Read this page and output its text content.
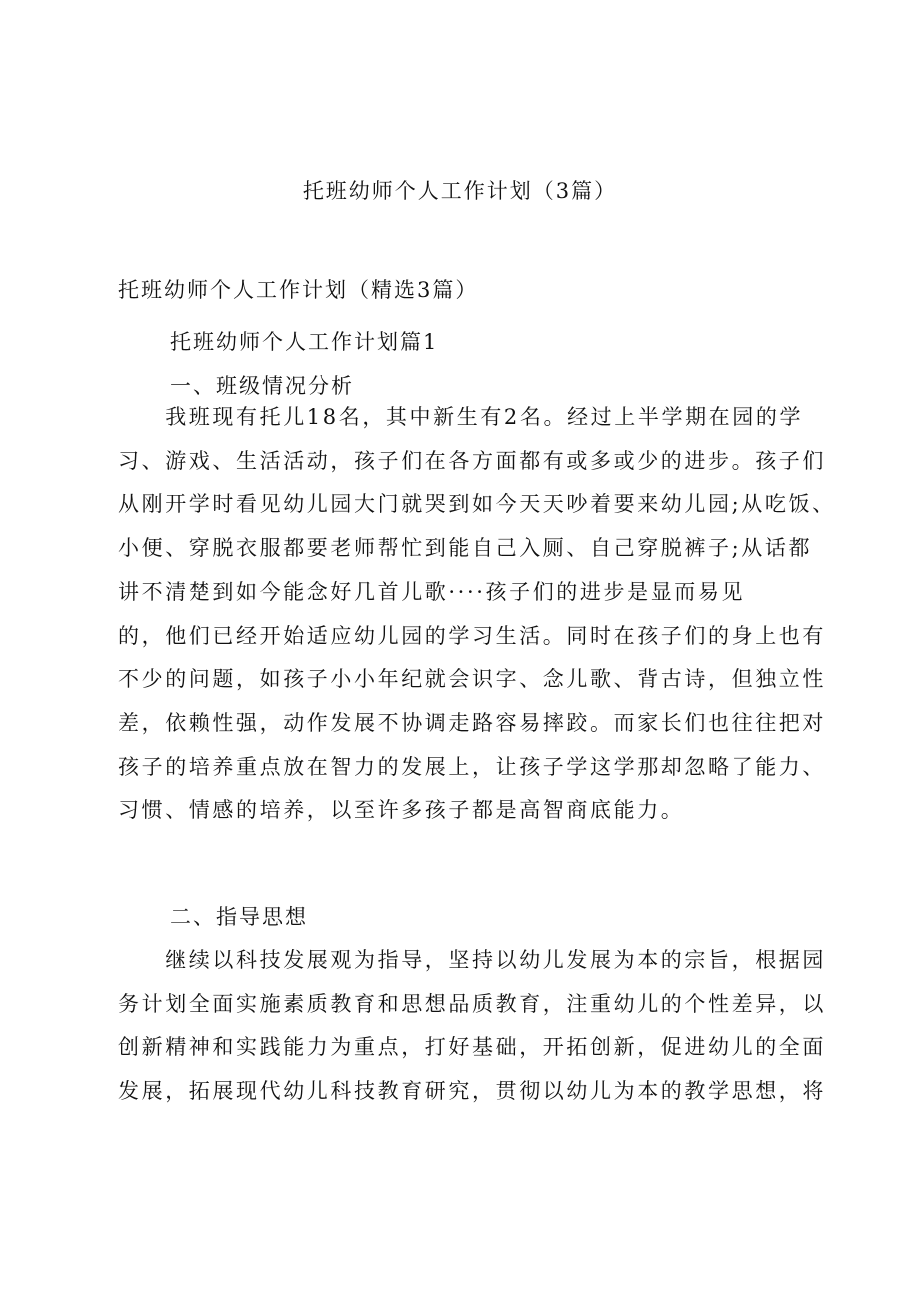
托班幼师个人工作计划（3篇）

托班幼师个人工作计划（精选3篇）

托班幼师个人工作计划篇1

一、班级情况分析

　　我班现有托儿18名，其中新生有2名。经过上半学期在园的学
习、游戏、生活活动，孩子们在各方面都有或多或少的进步。孩子们
从刚开学时看见幼儿园大门就哭到如今天天吵着要来幼儿园;从吃饭、
小便、穿脱衣服都要老师帮忙到能自己入厕、自己穿脱裤子;从话都
讲不清楚到如今能念好几首儿歌····孩子们的进步是显而易见
的，他们已经开始适应幼儿园的学习生活。同时在孩子们的身上也有
不少的问题，如孩子小小年纪就会识字、念儿歌、背古诗，但独立性
差，依赖性强，动作发展不协调走路容易摔跤。而家长们也往往把对
孩子的培养重点放在智力的发展上，让孩子学这学那却忽略了能力、
习惯、情感的培养，以至许多孩子都是高智商底能力。

二、指导思想

　　继续以科技发展观为指导，坚持以幼儿发展为本的宗旨，根据园
务计划全面实施素质教育和思想品质教育，注重幼儿的个性差异，以
创新精神和实践能力为重点，打好基础，开拓创新，促进幼儿的全面
发展，拓展现代幼儿科技教育研究，贯彻以幼儿为本的教学思想，将
